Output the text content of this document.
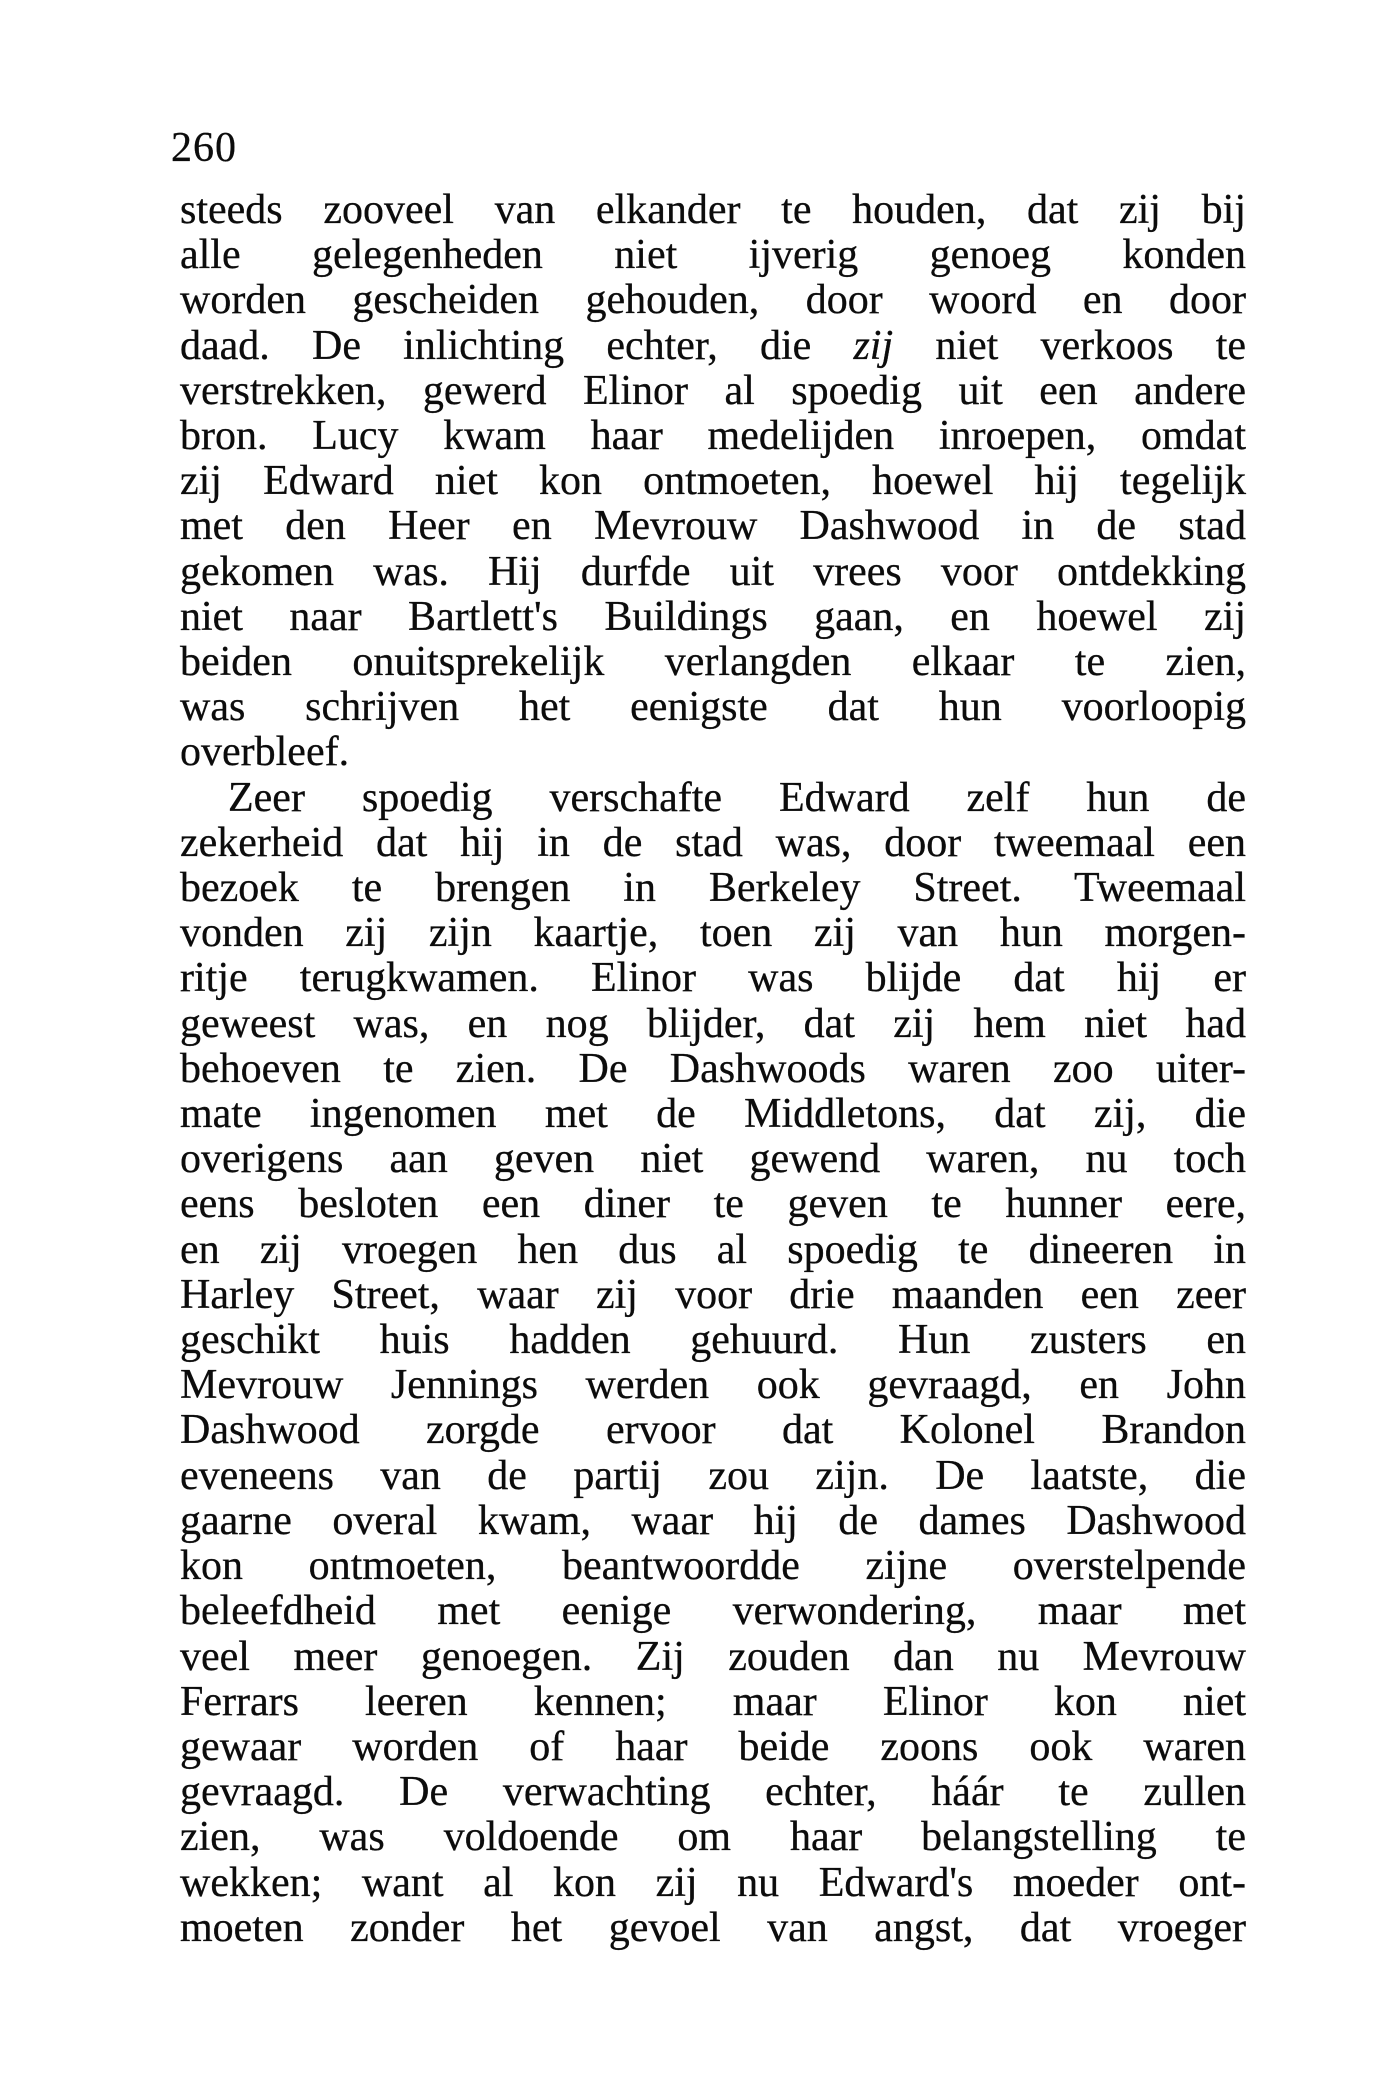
260
steeds zooveel van elkander te houden, dat zij bij
alle gelegenheden niet ijverig genoeg konden
worden gescheiden gehouden, door woord en door
daad. De inlichting echter, die zij niet verkoos te
verstrekken, gewerd Elinor al spoedig uit een andere
bron. Lucy kwam haar medelijden inroepen, omdat
zij Edward niet kon ontmoeten, hoewel hij tegelijk
met den Heer en Mevrouw Dashwood in de stad
gekomen was. Hij durfde uit vrees voor ontdekking
niet naar Bartlett's Buildings gaan, en hoewel zij
beiden onuitsprekelijk verlangden elkaar te zien,
was schrijven het eenigste dat hun voorloopig
overbleef.
Zeer spoedig verschafte Edward zelf hun de
zekerheid dat hij in de stad was, door tweemaal een
bezoek te brengen in Berkeley Street. Tweemaal
vonden zij zijn kaartje, toen zij van hun morgen-
ritje terugkwamen. Elinor was blijde dat hij er
geweest was, en nog blijder, dat zij hem niet had
behoeven te zien. De Dashwoods waren zoo uiter-
mate ingenomen met de Middletons, dat zij, die
overigens aan geven niet gewend waren, nu toch
eens besloten een diner te geven te hunner eere,
en zij vroegen hen dus al spoedig te dineeren in
Harley Street, waar zij voor drie maanden een zeer
geschikt huis hadden gehuurd. Hun zusters en
Mevrouw Jennings werden ook gevraagd, en John
Dashwood zorgde ervoor dat Kolonel Brandon
eveneens van de partij zou zijn. De laatste, die
gaarne overal kwam, waar hij de dames Dashwood
kon ontmoeten, beantwoordde zijne overstelpende
beleefdheid met eenige verwondering, maar met
veel meer genoegen. Zij zouden dan nu Mevrouw
Ferrars leeren kennen; maar Elinor kon niet
gewaar worden of haar beide zoons ook waren
gevraagd. De verwachting echter, háár te zullen
zien, was voldoende om haar belangstelling te
wekken; want al kon zij nu Edward's moeder ont-
moeten zonder het gevoel van angst, dat vroeger
